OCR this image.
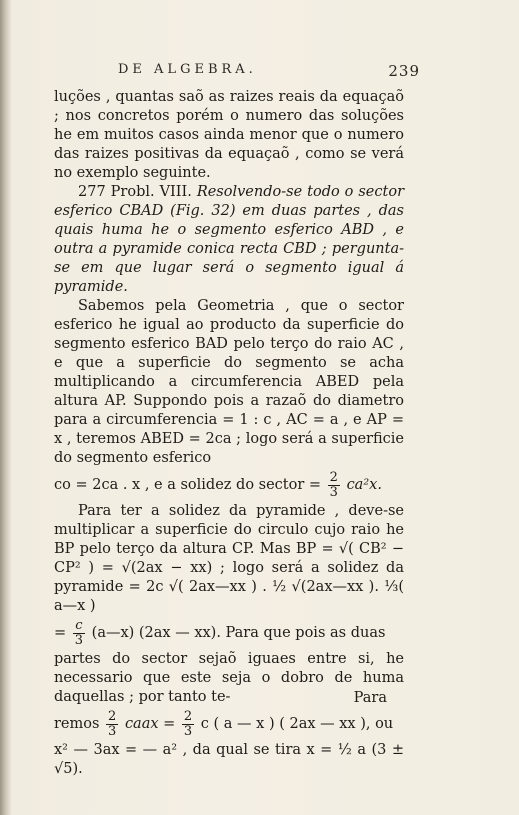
DE ALGEBRA.	239

luções , quantas saõ as raizes reais da equaçaõ ; nos concretos porém o numero das soluções he em muitos casos ainda menor que o numero das raizes positivas da equaçaõ , como se verá no exemplo seguinte.

277 Probl. VIII. Resolvendo-se todo o sector esferico CBAD (Fig. 32) em duas partes , das quais huma he o segmento esferico ABD , e outra a pyramide conica recta CBD ; pergunta-se em que lugar será o segmento igual á pyramide.

Sabemos pela Geometria , que o sector esferico he igual ao producto da superficie do segmento esferico BAD pelo terço do raio AC , e que a superficie do segmento se acha multiplicando a circumferencia ABED pela altura AP. Suppondo pois a razaõ do diametro para a circumferencia = 1 : c , AC = a , e AP = x , teremos ABED = 2ca ; logo será a superficie do segmento esferico

co = 2ca . x , e a solidez do sector = $\frac{2}{3} ca^2x$.

Para ter a solidez da pyramide , deve-se multiplicar a superficie do circulo cujo raio he BP pelo terço da altura CP. Mas BP = √( CB² − CP² ) = √(2ax − xx) ; logo será a solidez da pyramide = 2c √( 2ax—xx ) . ½ √(2ax—xx ). ⅓( a—x )

= $\frac{c}{3}$ (a—x) (2ax — xx). Para que pois as duas

partes do sector sejaõ iguaes entre si, he necessario que este seja o dobro de huma daquellas ; por tanto te-

remos $\frac{2}{3}$ caax = $\frac{2}{3}$ c ( a — x ) ( 2ax — xx ), ou

x² — 3ax = — a² , da qual se tira x = ½ a (3 ± √5).

Para
